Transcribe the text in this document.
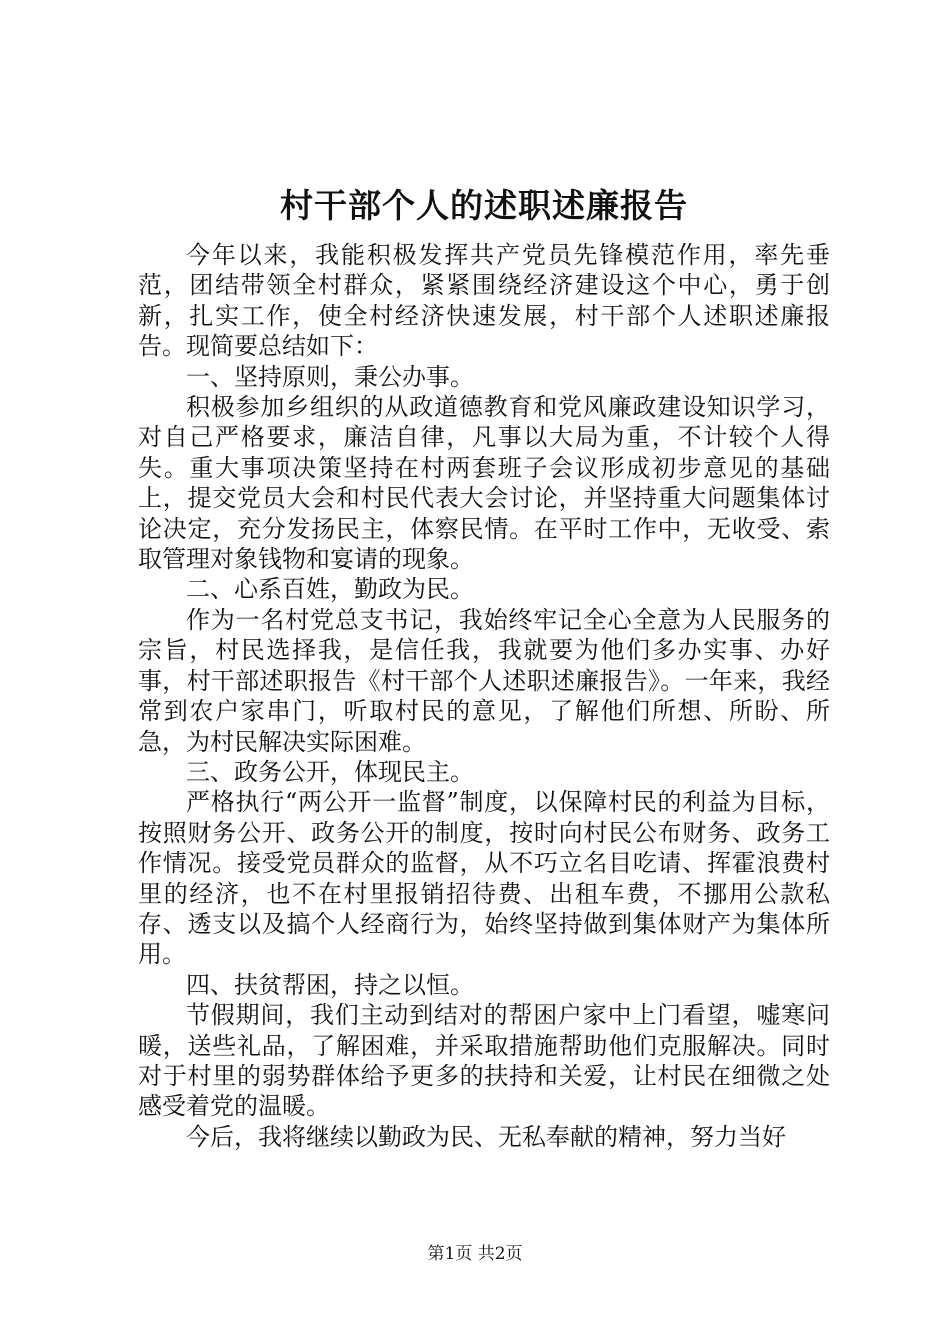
村干部个人的述职述廉报告

今年以来，我能积极发挥共产党员先锋模范作用，率先垂范，团结带领全村群众，紧紧围绕经济建设这个中心，勇于创新，扎实工作，使全村经济快速发展，村干部个人述职述廉报告。现简要总结如下：

一、坚持原则，秉公办事。

积极参加乡组织的从政道德教育和党风廉政建设知识学习，对自己严格要求，廉洁自律，凡事以大局为重，不计较个人得失。重大事项决策坚持在村两套班子会议形成初步意见的基础上，提交党员大会和村民代表大会讨论，并坚持重大问题集体讨论决定，充分发扬民主，体察民情。在平时工作中，无收受、索取管理对象钱物和宴请的现象。

二、心系百姓，勤政为民。

作为一名村党总支书记，我始终牢记全心全意为人民服务的宗旨，村民选择我，是信任我，我就要为他们多办实事、办好事，村干部述职报告《村干部个人述职述廉报告》。一年来，我经常到农户家串门，听取村民的意见，了解他们所想、所盼、所急，为村民解决实际困难。

三、政务公开，体现民主。

严格执行“两公开一监督”制度，以保障村民的利益为目标，按照财务公开、政务公开的制度，按时向村民公布财务、政务工作情况。接受党员群众的监督，从不巧立名目吃请、挥霍浪费村里的经济，也不在村里报销招待费、出租车费，不挪用公款私存、透支以及搞个人经商行为，始终坚持做到集体财产为集体所用。

四、扶贫帮困，持之以恒。

节假期间，我们主动到结对的帮困户家中上门看望，嘘寒问暖，送些礼品，了解困难，并采取措施帮助他们克服解决。同时对于村里的弱势群体给予更多的扶持和关爱，让村民在细微之处感受着党的温暖。

今后，我将继续以勤政为民、无私奉献的精神，努力当好

第1页 共2页
